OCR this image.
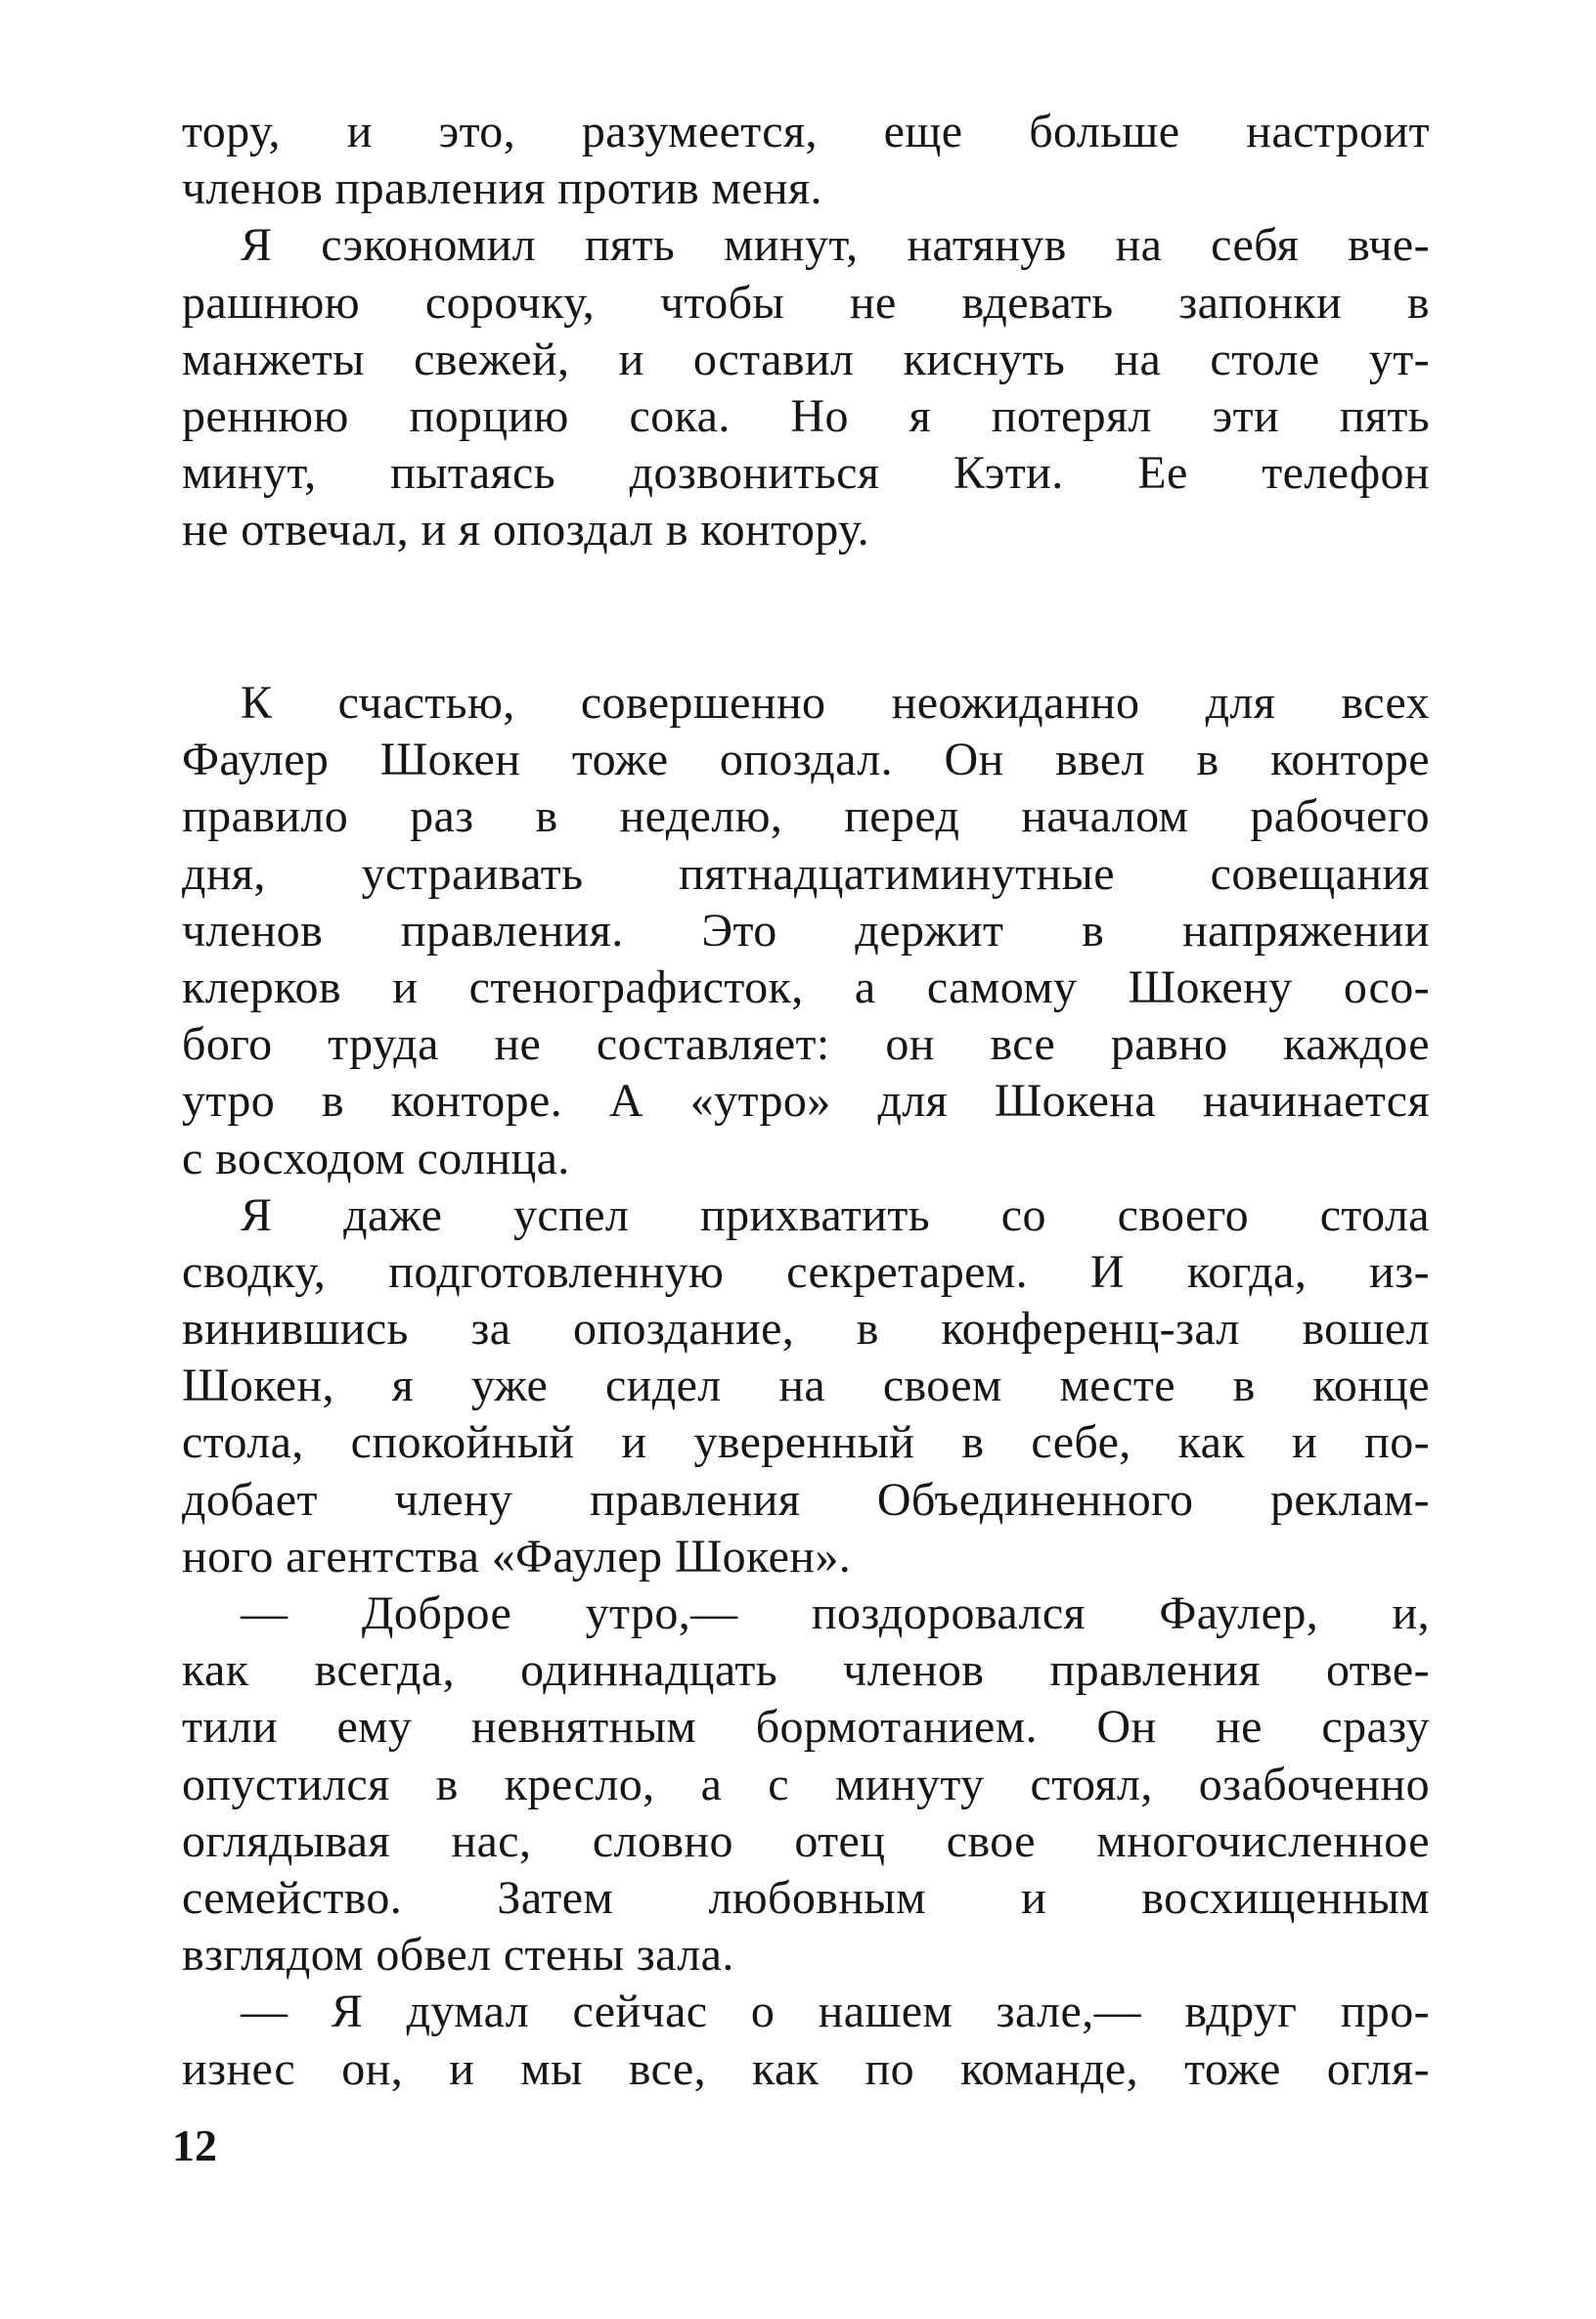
тору, и это, разумеется, еще больше настроит
членов правления против меня.
Я сэкономил пять минут, натянув на себя вче-
рашнюю сорочку, чтобы не вдевать запонки в
манжеты свежей, и оставил киснуть на столе ут-
реннюю порцию сока. Но я потерял эти пять
минут, пытаясь дозвониться Кэти. Ее телефон
не отвечал, и я опоздал в контору.
К счастью, совершенно неожиданно для всех
Фаулер Шокен тоже опоздал. Он ввел в конторе
правило раз в неделю, перед началом рабочего
дня, устраивать пятнадцатиминутные совещания
членов правления. Это держит в напряжении
клерков и стенографисток, а самому Шокену осо-
бого труда не составляет: он все равно каждое
утро в конторе. А «утро» для Шокена начинается
с восходом солнца.
Я даже успел прихватить со своего стола
сводку, подготовленную секретарем. И когда, из-
винившись за опоздание, в конференц-зал вошел
Шокен, я уже сидел на своем месте в конце
стола, спокойный и уверенный в себе, как и по-
добает члену правления Объединенного реклам-
ного агентства «Фаулер Шокен».
— Доброе утро,— поздоровался Фаулер, и,
как всегда, одиннадцать членов правления отве-
тили ему невнятным бормотанием. Он не сразу
опустился в кресло, а с минуту стоял, озабоченно
оглядывая нас, словно отец свое многочисленное
семейство. Затем любовным и восхищенным
взглядом обвел стены зала.
— Я думал сейчас о нашем зале,— вдруг про-
изнес он, и мы все, как по команде, тоже огля-
12
